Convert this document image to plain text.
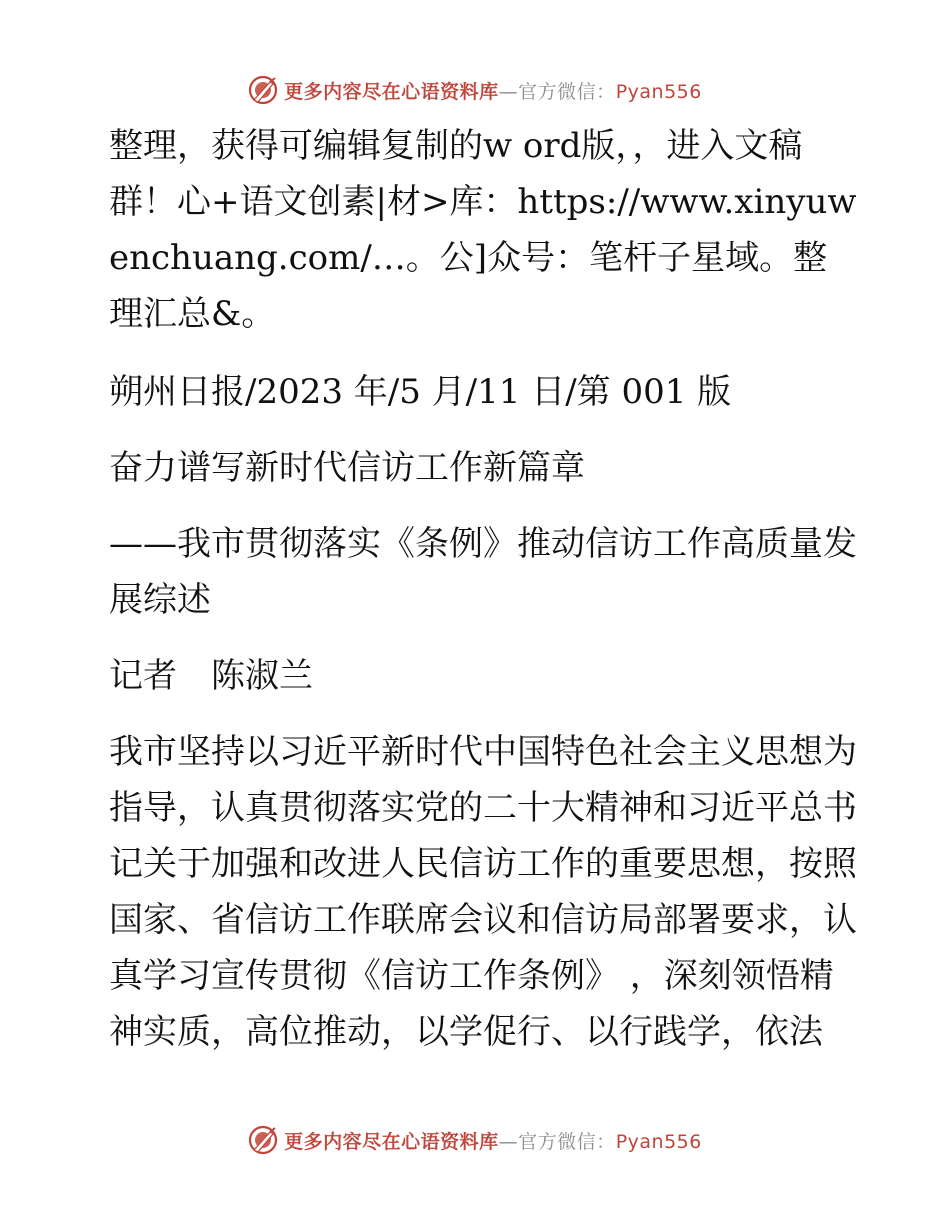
更多内容尽在心语资料库—官方微信：Pyan556

整理，获得可编辑复制的w ord版，，进入文稿群！心+语文创素|材>库：https://www.xinyuwenchuang.com/…。公]众号：笔杆子星域。整理汇总&。

朔州日报/2023 年/5 月/11 日/第 001 版

奋力谱写新时代信访工作新篇章

——我市贯彻落实《条例》推动信访工作高质量发展综述

记者　陈淑兰

我市坚持以习近平新时代中国特色社会主义思想为指导，认真贯彻落实党的二十大精神和习近平总书记关于加强和改进人民信访工作的重要思想，按照国家、省信访工作联席会议和信访局部署要求，认真学习宣传贯彻《信访工作条例》 ，深刻领悟精神实质，高位推动，以学促行、以行践学，依法

更多内容尽在心语资料库—官方微信：Pyan556
